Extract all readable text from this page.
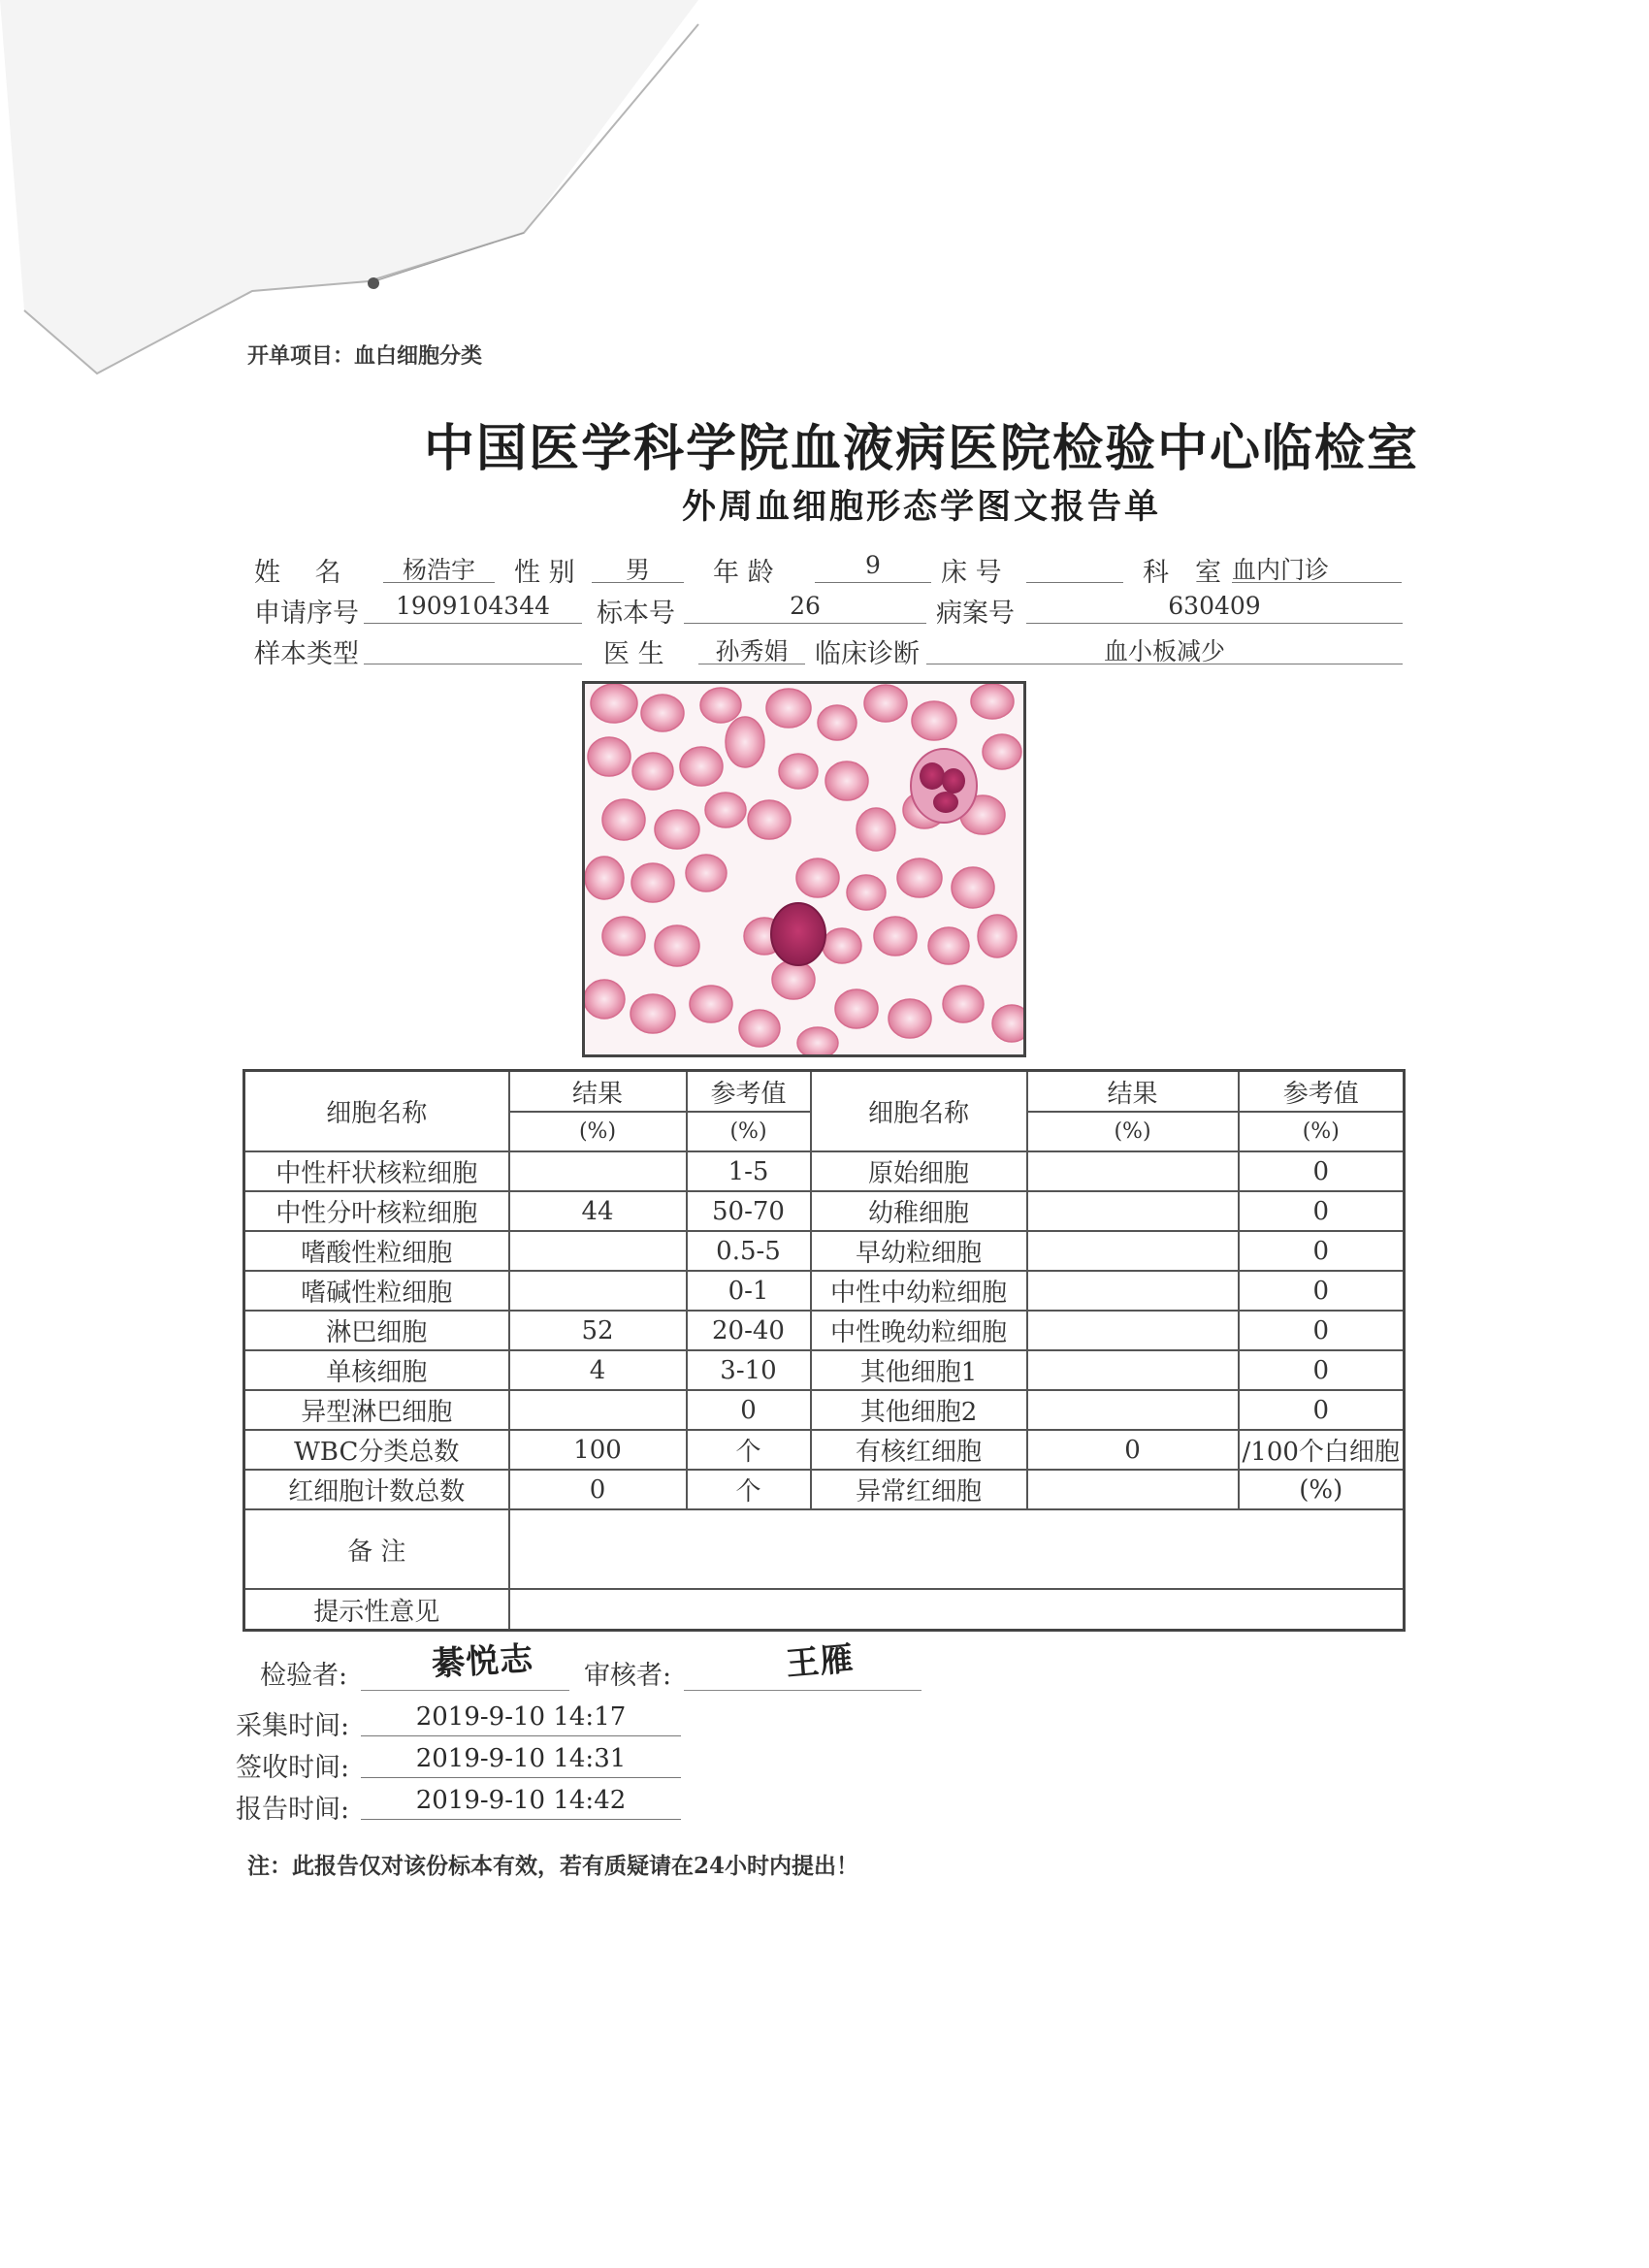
开单项目：血白细胞分类
中国医学科学院血液病医院检验中心临检室
外周血细胞形态学图文报告单
姓　 名	杨浩宇	性 别	男	年 龄	9	床 号	科　室 血内门诊
申请序号	1909104344	标本号	26	病案号	630409
样本类型	医 生	孙秀娟	临床诊断	血小板减少
细胞名称	结果	参考值	细胞名称	结果	参考值
	(%)	(%)		(%)	(%)
中性杆状核粒细胞		1-5	原始细胞		0
中性分叶核粒细胞	44	50-70	幼稚细胞		0
嗜酸性粒细胞		0.5-5	早幼粒细胞		0
嗜碱性粒细胞		0-1	中性中幼粒细胞		0
淋巴细胞	52	20-40	中性晚幼粒细胞		0
单核细胞	4	3-10	其他细胞1		0
异型淋巴细胞		0	其他细胞2		0
WBC分类总数	100	个	有核红细胞	0	/100个白细胞
红细胞计数总数	0	个	异常红细胞		(%)
备 注					
提示性意见					
检验者:	綦悦志 审核者:	王雁
采集时间:	2019-9-10 14:17
签收时间:	2019-9-10 14:31
报告时间:	2019-9-10 14:42
注：此报告仅对该份标本有效，若有质疑请在24小时内提出！
